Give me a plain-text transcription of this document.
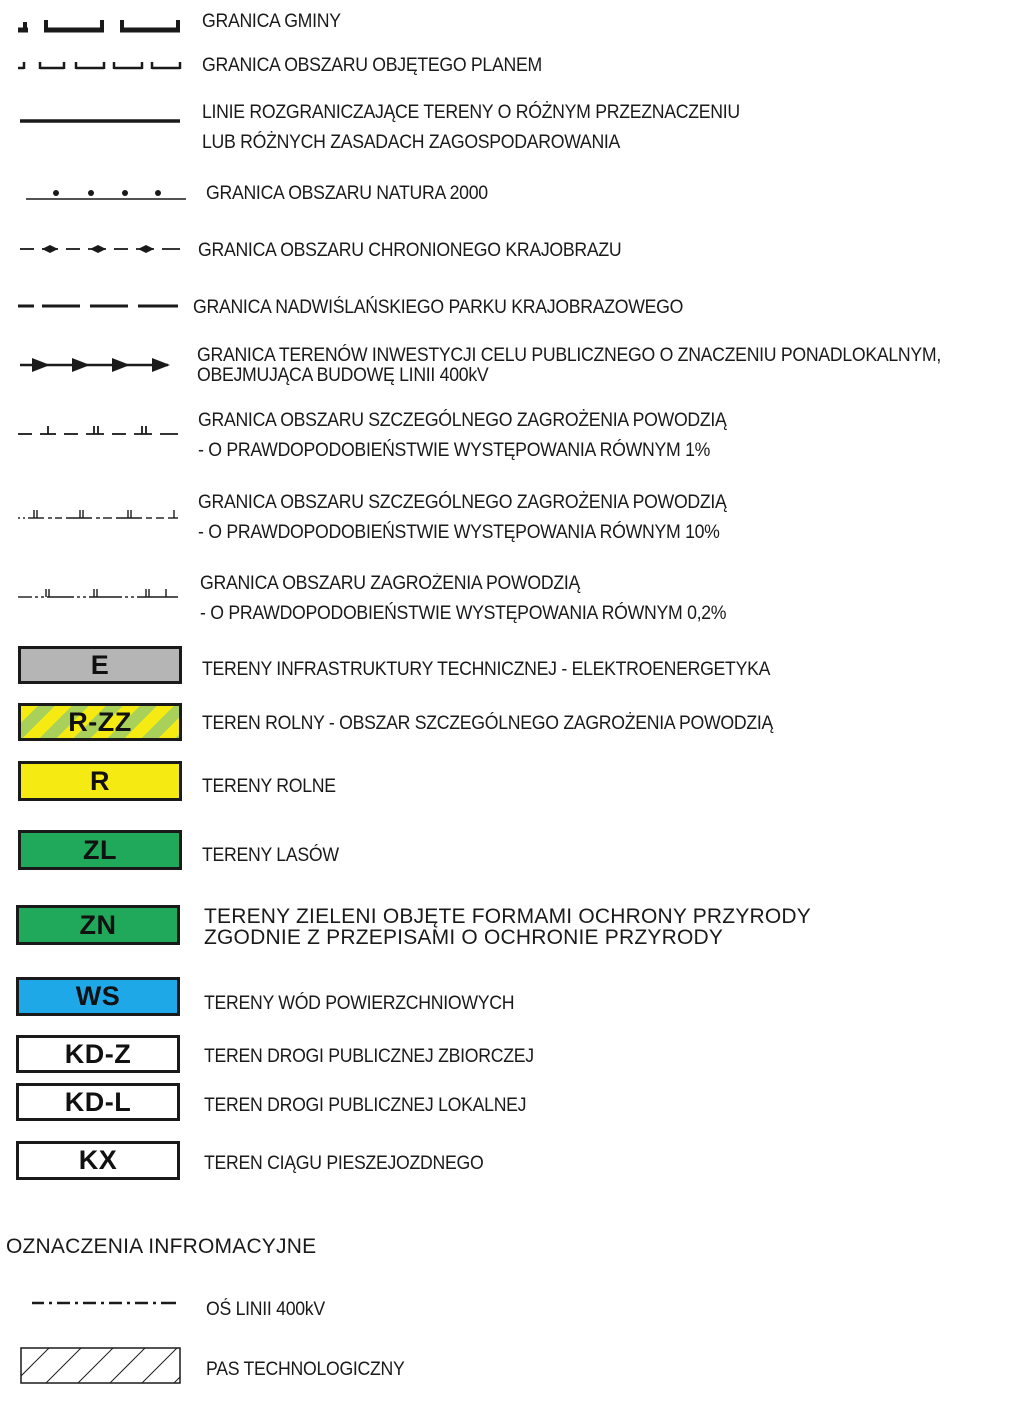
GRANICA GMINY
GRANICA OBSZARU OBJĘTEGO PLANEM
LINIE ROZGRANICZAJĄCE TERENY O RÓŻNYM PRZEZNACZENIU
LUB RÓŻNYCH ZASADACH ZAGOSPODAROWANIA
GRANICA OBSZARU NATURA 2000
GRANICA OBSZARU CHRONIONEGO KRAJOBRAZU
GRANICA NADWIŚLAŃSKIEGO PARKU KRAJOBRAZOWEGO
GRANICA TERENÓW INWESTYCJI CELU PUBLICZNEGO O ZNACZENIU PONADLOKALNYM,
OBEJMUJĄCA BUDOWĘ LINII 400kV
GRANICA OBSZARU SZCZEGÓLNEGO ZAGROŻENIA POWODZIĄ
- O PRAWDOPODOBIEŃSTWIE WYSTĘPOWANIA RÓWNYM 1%
GRANICA OBSZARU SZCZEGÓLNEGO ZAGROŻENIA POWODZIĄ
- O PRAWDOPODOBIEŃSTWIE WYSTĘPOWANIA RÓWNYM 10%
GRANICA OBSZARU ZAGROŻENIA POWODZIĄ
- O PRAWDOPODOBIEŃSTWIE WYSTĘPOWANIA RÓWNYM 0,2%
E	TERENY INFRASTRUKTURY TECHNICZNEJ - ELEKTROENERGETYKA
R-ZZ	TEREN ROLNY - OBSZAR SZCZEGÓLNEGO ZAGROŻENIA POWODZIĄ
R	TERENY ROLNE
ZL	TERENY LASÓW
ZN	TERENY ZIELENI OBJĘTE FORMAMI OCHRONY PRZYRODY
ZGODNIE Z PRZEPISAMI O OCHRONIE PRZYRODY
WS	TERENY WÓD POWIERZCHNIOWYCH
KD-Z	TEREN DROGI PUBLICZNEJ ZBIORCZEJ
KD-L	TEREN DROGI PUBLICZNEJ LOKALNEJ
KX	TEREN CIĄGU PIESZEJOZDNEGO
OZNACZENIA INFROMACYJNE
OŚ LINII 400kV
PAS TECHNOLOGICZNY
